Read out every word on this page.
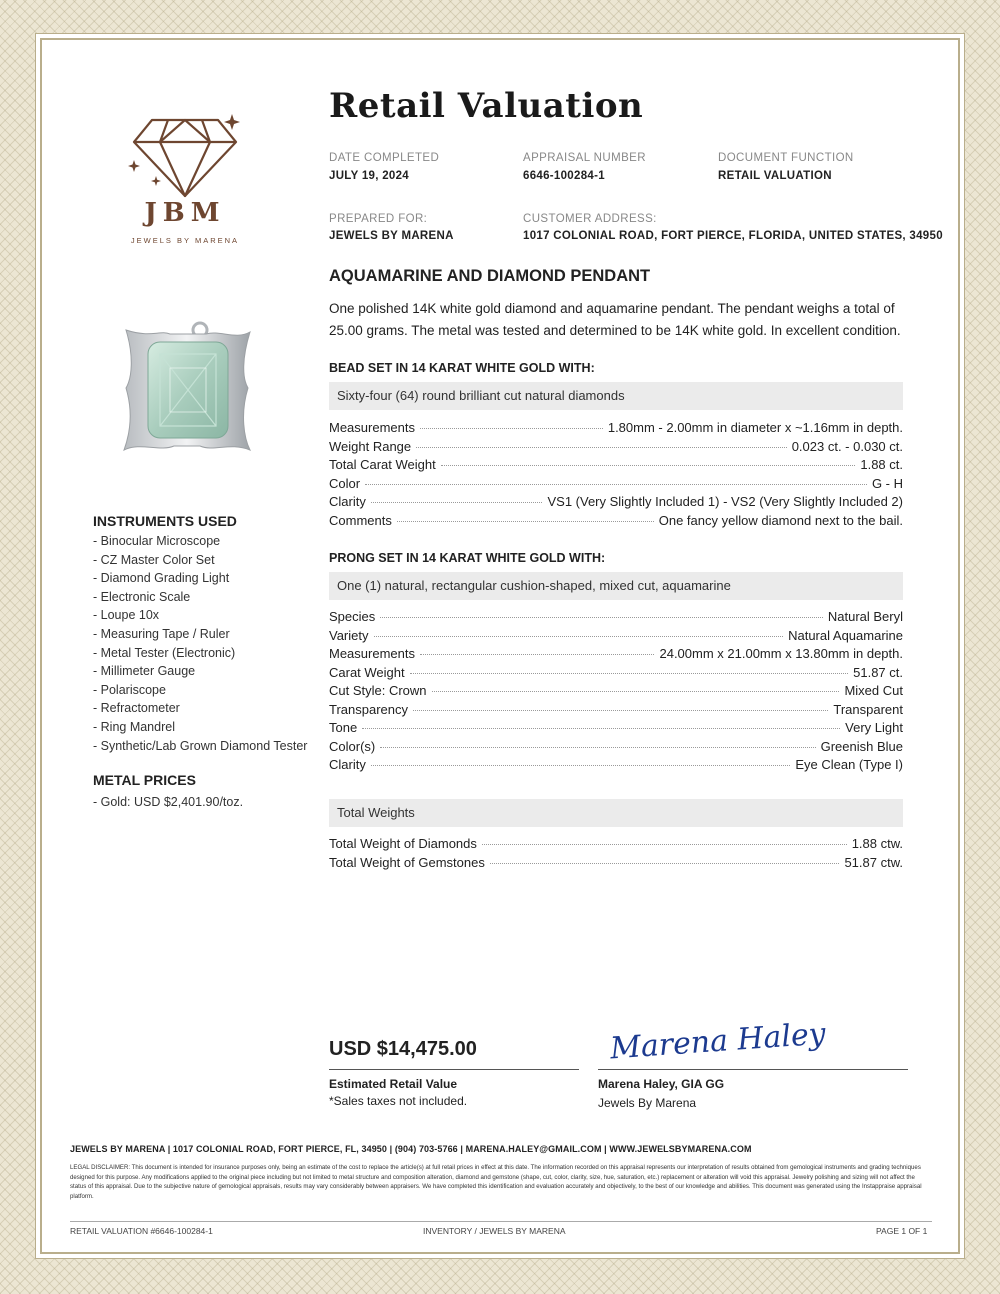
JBM
JEWELS BY MARENA
INSTRUMENTS USED
- Binocular Microscope
- CZ Master Color Set
- Diamond Grading Light
- Electronic Scale
- Loupe 10x
- Measuring Tape / Ruler
- Metal Tester (Electronic)
- Millimeter Gauge
- Polariscope
- Refractometer
- Ring Mandrel
- Synthetic/Lab Grown Diamond Tester
METAL PRICES
- Gold: USD $2,401.90/toz.
Retail Valuation
DATE COMPLETED
JULY 19, 2024
APPRAISAL NUMBER
6646-100284-1
DOCUMENT FUNCTION
RETAIL VALUATION
PREPARED FOR:
JEWELS BY MARENA
CUSTOMER ADDRESS:
1017 COLONIAL ROAD, FORT PIERCE, FLORIDA, UNITED STATES, 34950
AQUAMARINE AND DIAMOND PENDANT
One polished 14K white gold diamond and aquamarine pendant. The pendant weighs a total of 25.00 grams. The metal was tested and determined to be 14K white gold. In excellent condition.
BEAD SET IN 14 KARAT WHITE GOLD WITH:
Sixty-four (64) round brilliant cut natural diamonds
Measurements	1.80mm - 2.00mm in diameter x ~1.16mm in depth.
Weight Range	0.023 ct. - 0.030 ct.
Total Carat Weight	1.88 ct.
Color	G - H
Clarity	VS1 (Very Slightly Included 1) - VS2 (Very Slightly Included 2)
Comments	One fancy yellow diamond next to the bail.
PRONG SET IN 14 KARAT WHITE GOLD WITH:
One (1) natural, rectangular cushion-shaped, mixed cut, aquamarine
Species	Natural Beryl
Variety	Natural Aquamarine
Measurements	24.00mm x 21.00mm x 13.80mm in depth.
Carat Weight	51.87 ct.
Cut Style: Crown	Mixed Cut
Transparency	Transparent
Tone	Very Light
Color(s)	Greenish Blue
Clarity	Eye Clean (Type I)
Total Weights
Total Weight of Diamonds	1.88 ctw.
Total Weight of Gemstones	51.87 ctw.
USD $14,475.00
Estimated Retail Value
*Sales taxes not included.
Marena Haley
Marena Haley, GIA GG
Jewels By Marena
JEWELS BY MARENA | 1017 COLONIAL ROAD, FORT PIERCE, FL, 34950 | (904) 703-5766 | MARENA.HALEY@GMAIL.COM | WWW.JEWELSBYMARENA.COM
LEGAL DISCLAIMER: This document is intended for insurance purposes only, being an estimate of the cost to replace the article(s) at full retail prices in effect at this date. The information recorded on this appraisal represents our interpretation of results obtained from gemological instruments and grading techniques designed for this purpose. Any modifications applied to the original piece including but not limited to metal structure and composition alteration, diamond and gemstone (shape, cut, color, clarity, size, hue, saturation, etc.) replacement or alteration will void this appraisal. Jewelry polishing and sizing will not affect the status of this appraisal. Due to the subjective nature of gemological appraisals, results may vary considerably between appraisers. We have completed this identification and evaluation accurately and objectively, to the best of our knowledge and abilities. This document was generated using the Instappraise appraisal platform.
RETAIL VALUATION #6646-100284-1	INVENTORY / JEWELS BY MARENA	PAGE 1 OF 1
